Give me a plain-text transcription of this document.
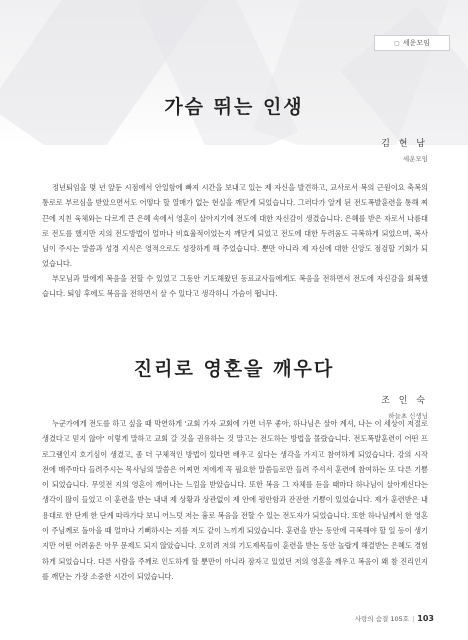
▢ 세운모임
가슴 뛰는 인생
김 현 남
세운모임

정년퇴임을 몇 년 앞둔 시점에서 안일함에 빠져 시간을 보내고 있는 제 자신을 발견하고, 교사로서 복의 근원이요 축복의 통로로 부르심을 받았으면서도 어떻다 할 열매가 없는 현실을 깨닫게 되었습니다. 그러다가 알게 된 전도폭발훈련을 통해 찌끈에 지친 육체와는 다르게 큰 은혜 속에서 영혼이 살아지기에 전도에 대한 자신감이 생겼습니다. 은혜를 받은 자로서 나름대로 전도를 했지만 지의 전도방법이 얼마나 비효율적이었는지 깨닫게 되었고 전도에 대한 두려움도 극복하게 되었으며, 복사님이 주시는 말씀과 성경 지식은 영적으로도 성장하게 해 주었습니다. 뿐만 아니라 제 자신에 대한 신앙도 점검할 기회가 되었습니다.

부모님과 말에게 복음을 전할 수 있었고 그동안 기도해왔던 동료교사들에게도 복음을 전하면서 전도에 자신감을 회복했습니다. 퇴임 후에도 복음을 전하면서 살 수 있다고 생각하니 가슴이 뜁니다.

진리로 영혼을 깨우다
조 인 숙
하늘초 신생님

누군가에게 전도를 하고 싶을 때 막연하게 '교회 가자 교회에 가면 너무 좋아, 하나님은 살아 계셔, 나는 이 세상이 저절로 생겼다고 믿지 않아' 이렇게 말하고 교회 갈 것을 권유하는 것 말고는 전도하는 방법을 몰랐습니다. 전도폭발훈련이 어떤 프로그램인지 호기심이 생겼고, 좀 더 구체적인 방법이 있다면 배우고 싶다는 생각을 가지고 참여하게 되었습니다. 강의 시작 전에 매주마다 들려주시는 목사님의 말씀은 어찌면 저에게 꼭 필요한 말씀들로만 들려 주셔서 훈련에 참여하는 또 다른 기쁨이 되었습니다. 무엇전 지의 영혼이 깨어나는 느낌을 받았습니다. 또한 복음 그 자체를 듣을 때마다 하나님이 살아계신다는 생각이 많이 들었고 이 훈련을 받는 내내 제 상황과 상관없이 제 안에 평안함과 잔잔한 기쁨이 있었습니다. 제가 훈련받은 내용대로 한 단계 한 단계 따라가다 보니 어느덧 저는 흉로 복음을 전할 수 있는 전도자가 되었습니다. 또한 하나님께서 한 영혼이 주님께로 돌아올 때 얼마나 기뻐하시는 지를 저도 같이 느끼게 되었습니다. 훈련을 받는 동안에 극복해야 할 일 등이 생기지만 어떤 어려움은 아무 문제도 되지 않았습니다. 오히려 저의 기도제목들이 훈련을 받는 동안 놀랍게 해결받는 은혜도 경험하게 되었습니다. 다른 사람을 주께로 인도하게 할 뿐만이 아니라 잠자고 있었던 저의 영혼을 깨우고 복음이 왜 참 진리인지를 깨닫는 가장 소중한 시간이 되었습니다.

사랑의 숨결 105호 | 103
